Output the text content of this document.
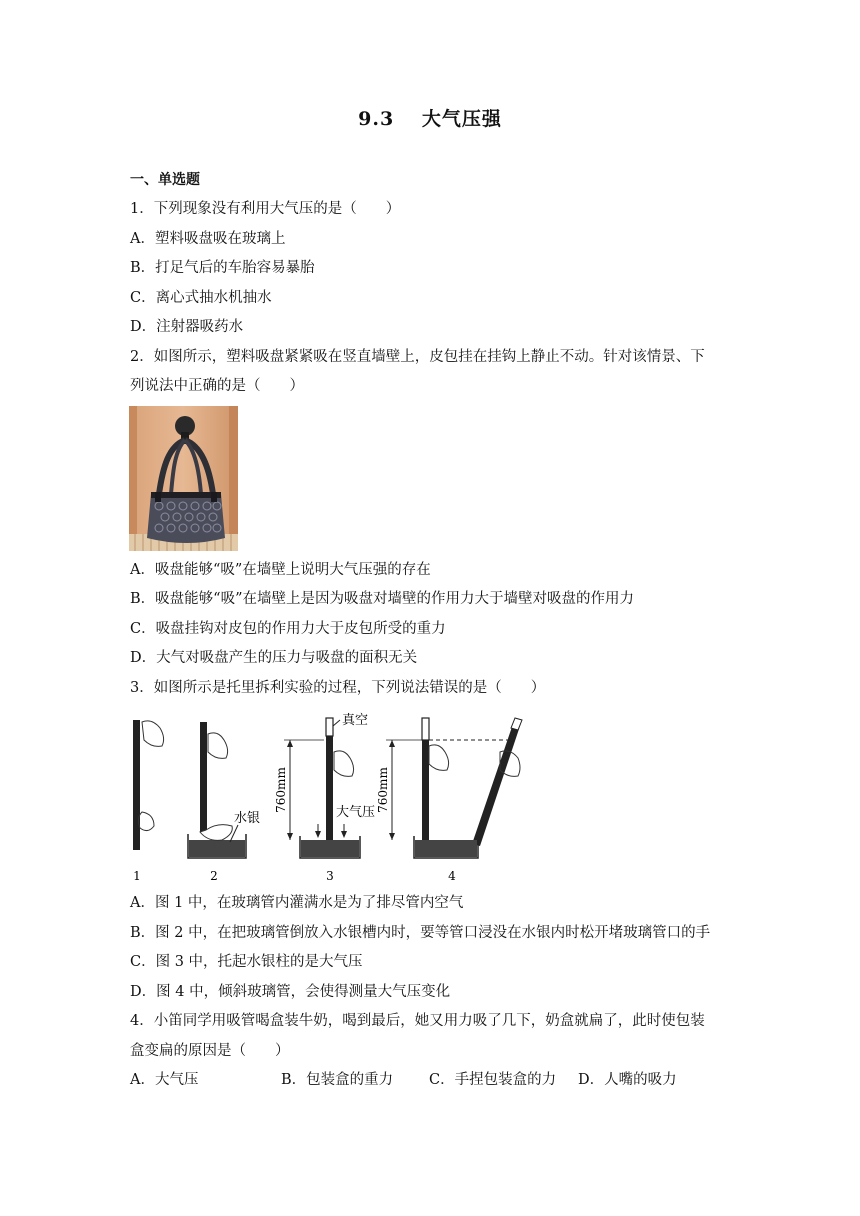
9.3　 大气压强
一、单选题
1．下列现象没有利用大气压的是（　　）
A．塑料吸盘吸在玻璃上
B．打足气后的车胎容易暴胎
C．离心式抽水机抽水
D．注射器吸药水
2．如图所示，塑料吸盘紧紧吸在竖直墙壁上，皮包挂在挂钩上静止不动。针对该情景、下
列说法中正确的是（　　）
A．吸盘能够“吸”在墙壁上说明大气压强的存在
B．吸盘能够“吸”在墙壁上是因为吸盘对墙壁的作用力大于墙壁对吸盘的作用力
C．吸盘挂钩对皮包的作用力大于皮包所受的重力
D．大气对吸盘产生的压力与吸盘的面积无关
3．如图所示是托里拆利实验的过程，下列说法错误的是（　　）
1
水银
2
真空
760mm	大气压
3
760mm
4
A．图 1 中，在玻璃管内灌满水是为了排尽管内空气
B．图 2 中，在把玻璃管倒放入水银槽内时，要等管口浸没在水银内时松开堵玻璃管口的手
C．图 3 中，托起水银柱的是大气压
D．图 4 中，倾斜玻璃管，会使得测量大气压变化
4．小笛同学用吸管喝盒装牛奶，喝到最后，她又用力吸了几下，奶盒就扁了，此时使包装
盒变扁的原因是（　　）
A．大气压	B．包装盒的重力 C．手捏包装盒的力 D．人嘴的吸力
